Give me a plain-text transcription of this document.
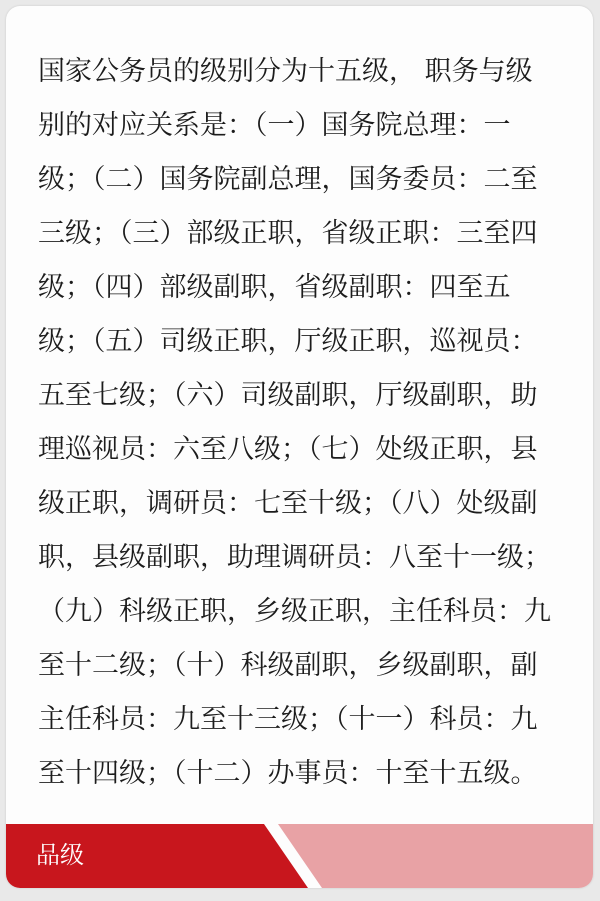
国家公务员的级别分为十五级， 职务与级
别的对应关系是：（一）国务院总理：一
级；（二）国务院副总理，国务委员：二至
三级；（三）部级正职，省级正职：三至四
级；（四）部级副职，省级副职：四至五
级；（五）司级正职，厅级正职，巡视员：
五至七级；（六）司级副职，厅级副职，助
理巡视员：六至八级；（七）处级正职，县
级正职，调研员：七至十级；（八）处级副
职，县级副职，助理调研员：八至十一级；
（九）科级正职，乡级正职，主任科员：九
至十二级；（十）科级副职，乡级副职，副
主任科员：九至十三级；（十一）科员：九
至十四级；（十二）办事员：十至十五级。
品级
